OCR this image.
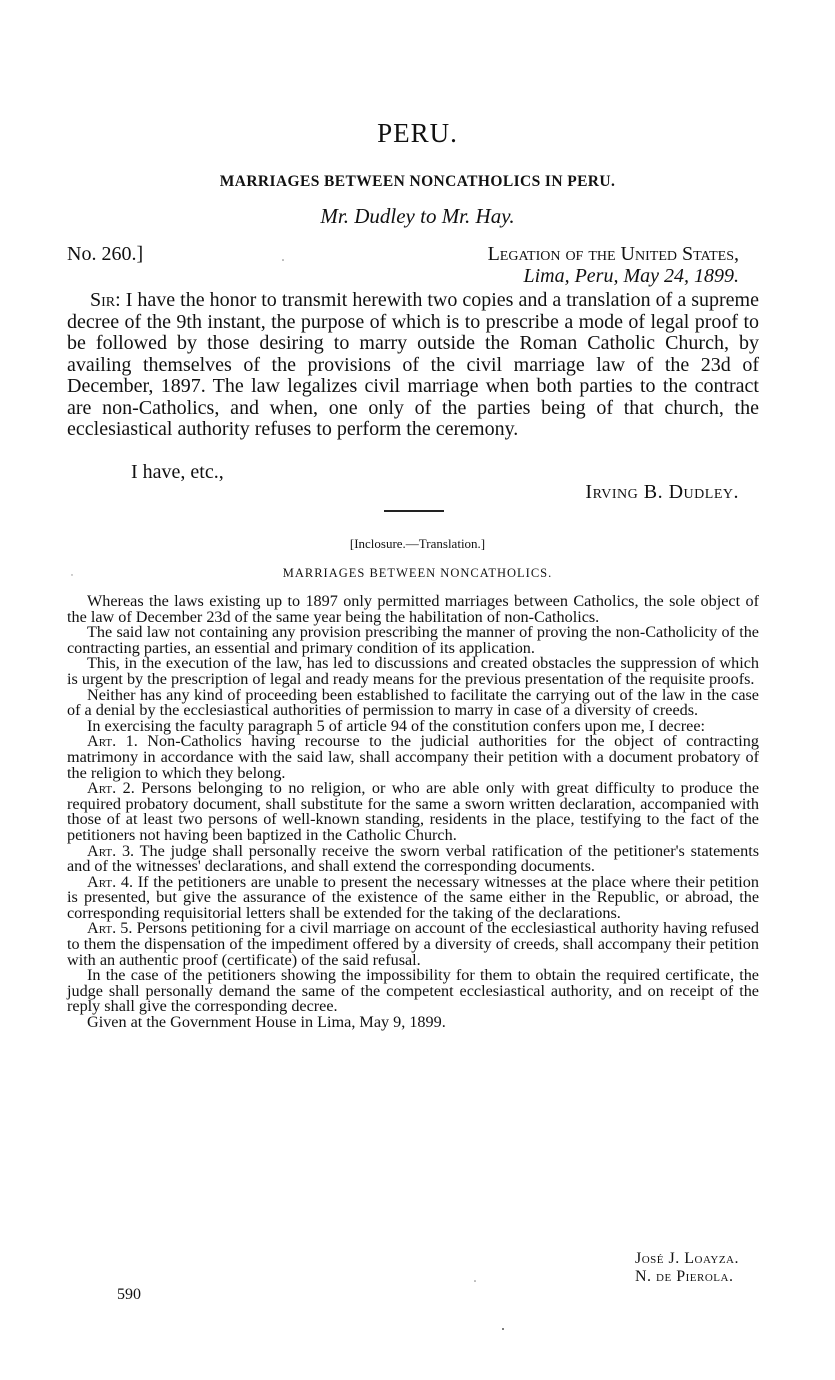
PERU.
MARRIAGES BETWEEN NONCATHOLICS IN PERU.
Mr. Dudley to Mr. Hay.
No. 260.]	Legation of the United States,
Lima, Peru, May 24, 1899.

Sir: I have the honor to transmit herewith two copies and a translation of a supreme decree of the 9th instant, the purpose of which is to prescribe a mode of legal proof to be followed by those desiring to marry outside the Roman Catholic Church, by availing themselves of the provisions of the civil marriage law of the 23d of December, 1897. The law legalizes civil marriage when both parties to the contract are non-Catholics, and when, one only of the parties being of that church, the ecclesiastical authority refuses to perform the ceremony.

I have, etc.,
Irving B. Dudley.
[Inclosure.—Translation.]
MARRIAGES BETWEEN NONCATHOLICS.

Whereas the laws existing up to 1897 only permitted marriages between Catholics, the sole object of the law of December 23d of the same year being the habilitation of non-Catholics.

The said law not containing any provision prescribing the manner of proving the non-Catholicity of the contracting parties, an essential and primary condition of its application.

This, in the execution of the law, has led to discussions and created obstacles the suppression of which is urgent by the prescription of legal and ready means for the previous presentation of the requisite proofs.

Neither has any kind of proceeding been established to facilitate the carrying out of the law in the case of a denial by the ecclesiastical authorities of permission to marry in case of a diversity of creeds.

In exercising the faculty paragraph 5 of article 94 of the constitution confers upon me, I decree:

Art. 1. Non-Catholics having recourse to the judicial authorities for the object of contracting matrimony in accordance with the said law, shall accompany their petition with a document probatory of the religion to which they belong.

Art. 2. Persons belonging to no religion, or who are able only with great difficulty to produce the required probatory document, shall substitute for the same a sworn written declaration, accompanied with those of at least two persons of well-known standing, residents in the place, testifying to the fact of the petitioners not having been baptized in the Catholic Church.

Art. 3. The judge shall personally receive the sworn verbal ratification of the petitioner's statements and of the witnesses' declarations, and shall extend the corresponding documents.

Art. 4. If the petitioners are unable to present the necessary witnesses at the place where their petition is presented, but give the assurance of the existence of the same either in the Republic, or abroad, the corresponding requisitorial letters shall be extended for the taking of the declarations.

Art. 5. Persons petitioning for a civil marriage on account of the ecclesiastical authority having refused to them the dispensation of the impediment offered by a diversity of creeds, shall accompany their petition with an authentic proof (certificate) of the said refusal.

In the case of the petitioners showing the impossibility for them to obtain the required certificate, the judge shall personally demand the same of the competent ecclesiastical authority, and on receipt of the reply shall give the corresponding decree.

Given at the Government House in Lima, May 9, 1899.

José J. Loayza.
N. de Pierola.
590
